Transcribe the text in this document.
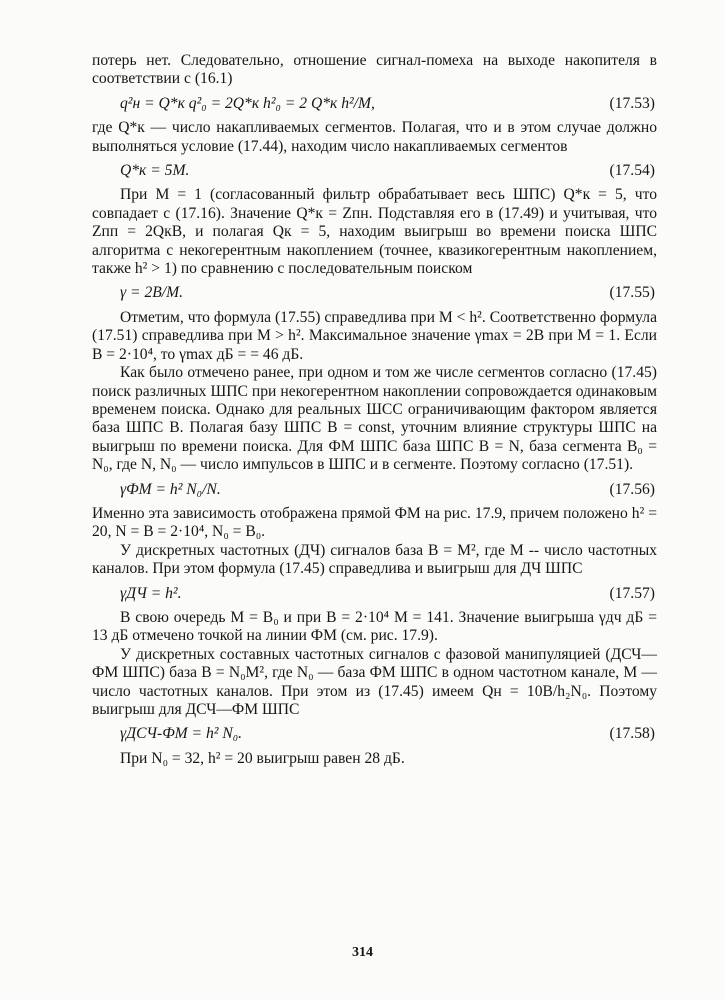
потерь нет. Следовательно, отношение сигнал-помеха на выходе накопителя в соответствии с (16.1)

q²н = Q*к q²₀ = 2Q*к h²₀ = 2 Q*к h²/M,	(17.53)

где Q*к — число накапливаемых сегментов. Полагая, что и в этом случае должно выполняться условие (17.44), находим число накапливаемых сегментов

Q*к = 5M.	(17.54)

При M = 1 (согласованный фильтр обрабатывает весь ШПС) Q*к = 5, что совпадает с (17.16). Значение Q*к = Zпн. Подставляя его в (17.49) и учитывая, что Zпп = 2QкB, и полагая Qк = 5, находим выигрыш во времени поиска ШПС алгоритма с некогерентным накоплением (точнее, квазикогерентным накоплением, также h² > 1) по сравнению с последовательным поиском

γ = 2B/M.	(17.55)

Отметим, что формула (17.55) справедлива при M < h². Соответственно формула (17.51) справедлива при M > h². Максимальное значение γmax = 2B при M = 1. Если B = 2·10⁴, то γmax дБ = = 46 дБ.

Как было отмечено ранее, при одном и том же числе сегментов согласно (17.45) поиск различных ШПС при некогерентном накоплении сопровождается одинаковым временем поиска. Однако для реальных ШСС ограничивающим фактором является база ШПС B. Полагая базу ШПС B = const, уточним влияние структуры ШПС на выигрыш по времени поиска. Для ФМ ШПС база ШПС B = N, база сегмента B₀ = N₀, где N, N₀ — число импульсов в ШПС и в сегменте. Поэтому согласно (17.51).

γФМ = h² N₀/N.	(17.56)

Именно эта зависимость отображена прямой ФМ на рис. 17.9, причем положено h² = 20, N = B = 2·10⁴, N₀ = B₀.

У дискретных частотных (ДЧ) сигналов база B = M², где M -- число частотных каналов. При этом формула (17.45) справедлива и выигрыш для ДЧ ШПС

γДЧ = h².	(17.57)

В свою очередь M = B₀ и при B = 2·10⁴ M = 141. Значение выигрыша γдч дБ = 13 дБ отмечено точкой на линии ФМ (см. рис. 17.9).

У дискретных составных частотных сигналов с фазовой манипуляцией (ДСЧ—ФМ ШПС) база B = N₀M², где N₀ — база ФМ ШПС в одном частотном канале, M — число частотных каналов. При этом из (17.45) имеем Qн = 10B/h₂N₀. Поэтому выигрыш для ДСЧ—ФМ ШПС

γДСЧ-ФМ = h² N₀.	(17.58)

При N₀ = 32, h² = 20 выигрыш равен 28 дБ.

314
